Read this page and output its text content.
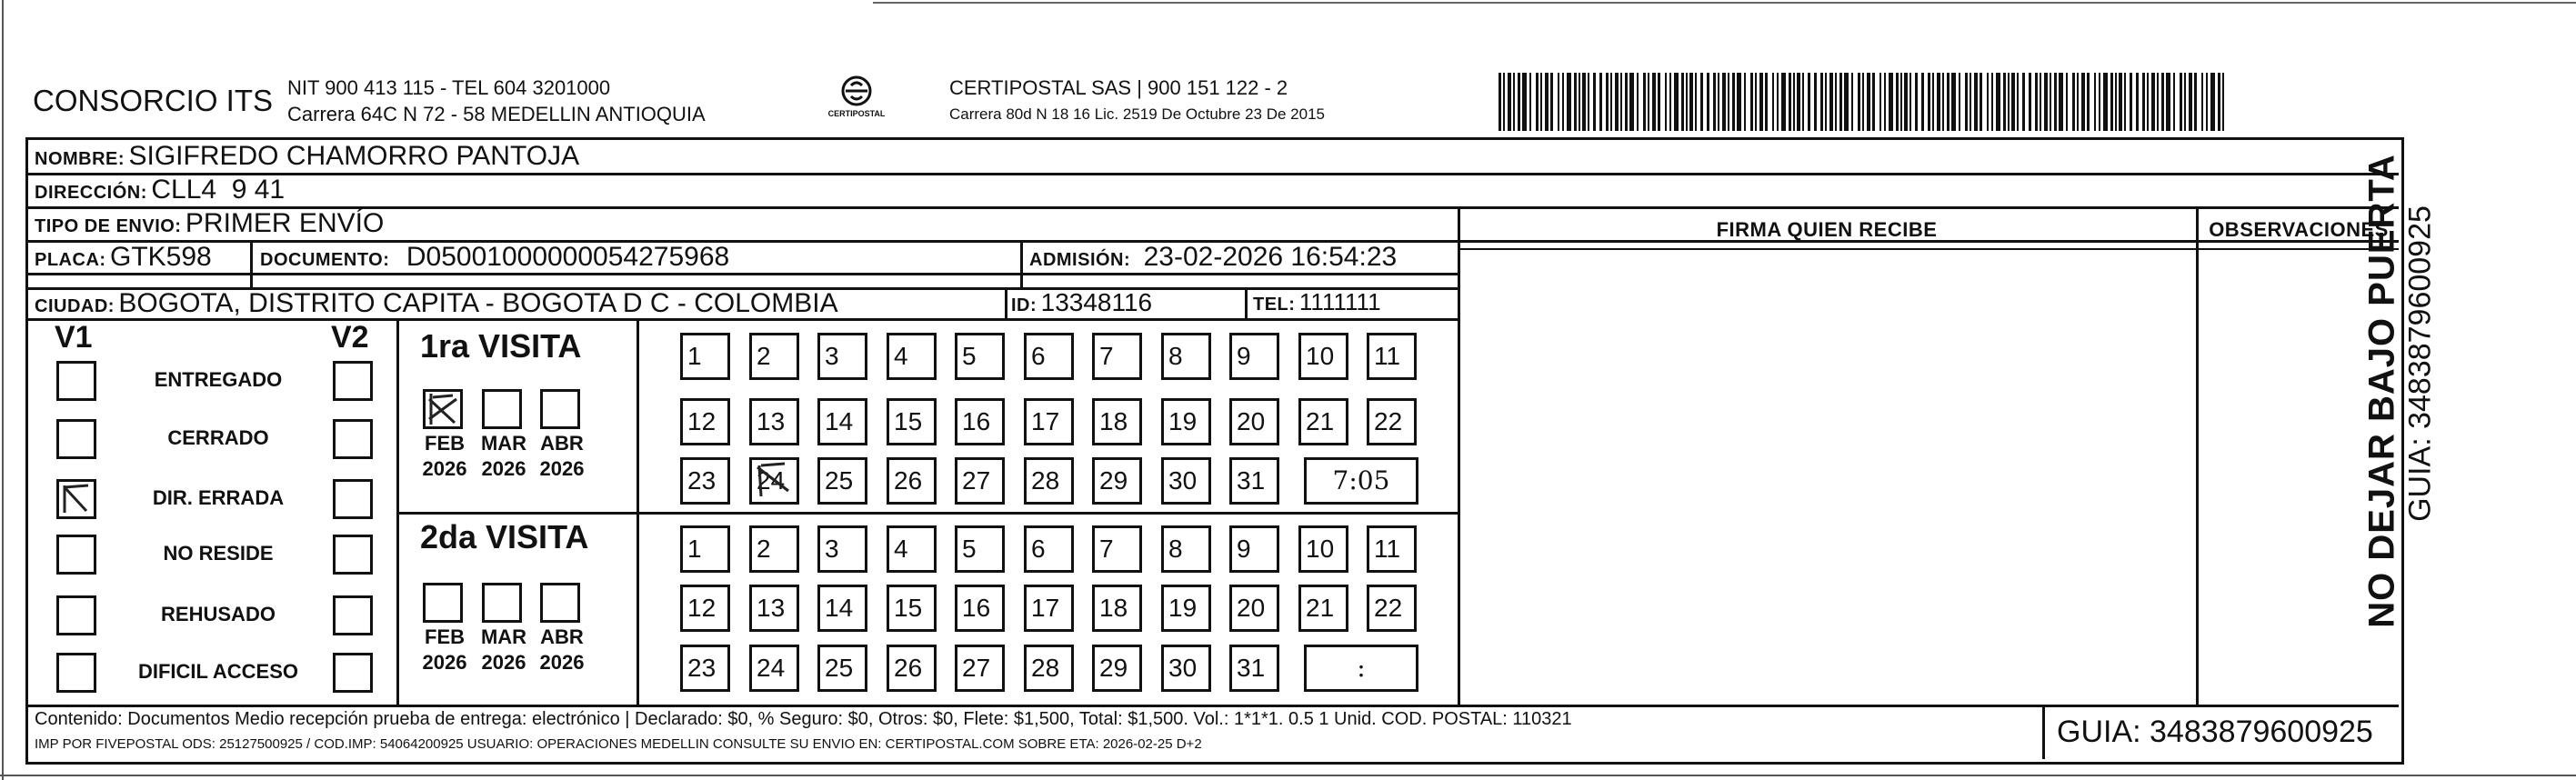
CONSORCIO ITS NIT 900 413 115 - TEL 604 3201000
Carrera 64C N 72 - 58 MEDELLIN ANTIOQUIA	CERTIPOSTAL
CERTIPOSTAL SAS | 900 151 122 - 2
Carrera 80d N 18 16 Lic. 2519 De Octubre 23 De 2015
NOMBRE: SIGIFREDO CHAMORRO PANTOJA
DIRECCIÓN: CLL4  9 41
TIPO DE ENVIO: PRIMER ENVÍO
PLACA: GTK598	DOCUMENTO: D05001000000054275968	ADMISIÓN: 23-02-2026 16:54:23
CIUDAD: BOGOTA, DISTRITO CAPITA - BOGOTA D C - COLOMBIA	ID: 13348116	TEL: 1111111
FIRMA QUIEN RECIBE	OBSERVACIONES
V1	V2
ENTREGADO
CERRADO
DIR. ERRADA
NO RESIDE
REHUSADO
DIFICIL ACCESO
1ra VISITA
2da VISITA
FEB
2026
MAR
2026
ABR
2026
FEB
2026
MAR
2026
ABR
2026
1	2	3	4	5	6	7	8	9	10	11
12	13	14	15	16	17	18	19	20	21	22
23	24	25	26	27	28	29	30	31	7:05
1	2	3	4	5	6	7	8	9	10	11
12	13	14	15	16	17	18	19	20	21	22
23	24	25	26	27	28	29	30	31	:
NO DEJAR BAJO PUERTA GUIA: 3483879600925
Contenido: Documentos Medio recepción prueba de entrega: electrónico | Declarado: $0, % Seguro: $0, Otros: $0, Flete: $1,500, Total: $1,500. Vol.: 1*1*1. 0.5 1 Unid. COD. POSTAL: 110321
IMP POR FIVEPOSTAL ODS: 25127500925 / COD.IMP: 54064200925 USUARIO: OPERACIONES MEDELLIN CONSULTE SU ENVIO EN: CERTIPOSTAL.COM SOBRE ETA: 2026-02-25 D+2	GUIA: 3483879600925
